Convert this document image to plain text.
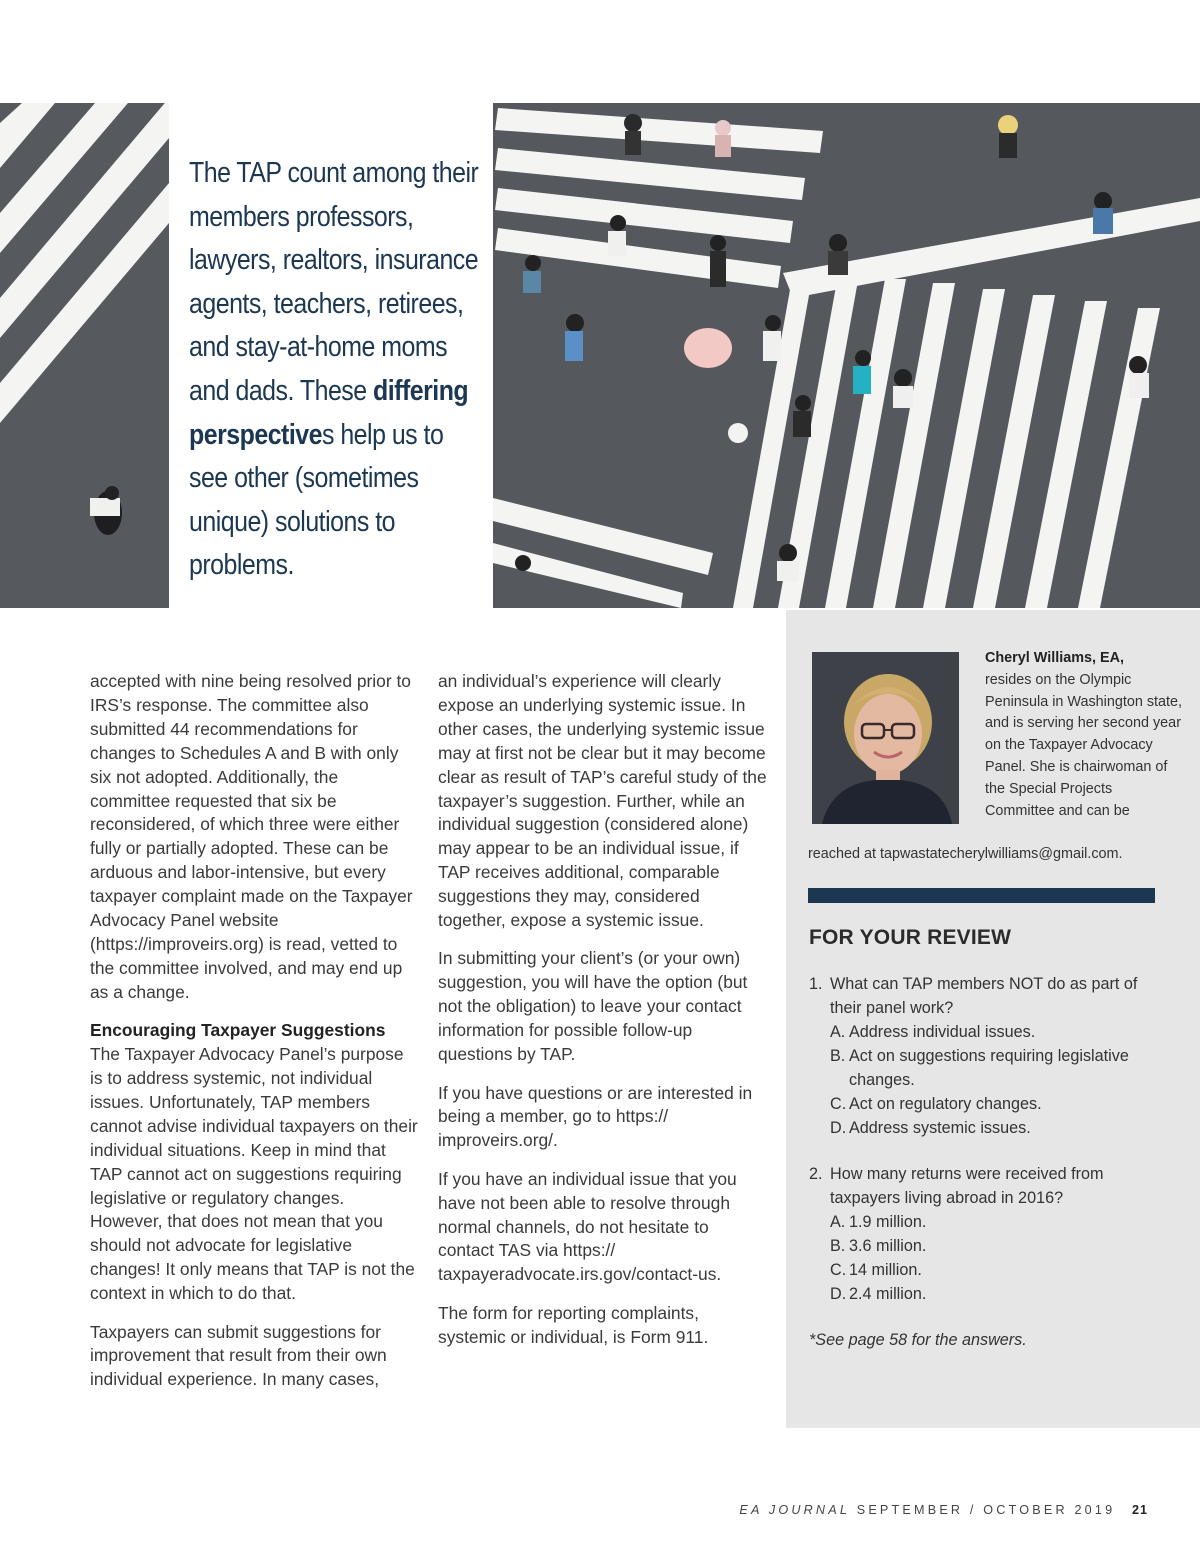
The TAP count among their members professors, lawyers, realtors, insurance agents, teachers, retirees, and stay-at-home moms and dads. These differing perspectives help us to see other (sometimes unique) solutions to problems.

accepted with nine being resolved prior to IRS’s response. The committee also submitted 44 recommendations for changes to Schedules A and B with only six not adopted. Additionally, the committee requested that six be reconsidered, of which three were either fully or partially adopted. These can be arduous and labor-intensive, but every taxpayer complaint made on the Taxpayer Advocacy Panel website (https://improveirs.org) is read, vetted to the committee involved, and may end up as a change.

Encouraging Taxpayer Suggestions
The Taxpayer Advocacy Panel’s purpose is to address systemic, not individual issues. Unfortunately, TAP members cannot advise individual taxpayers on their individual situations. Keep in mind that TAP cannot act on suggestions requiring legislative or regulatory changes. However, that does not mean that you should not advocate for legislative changes! It only means that TAP is not the context in which to do that.

Taxpayers can submit suggestions for improvement that result from their own individual experience. In many cases,

an individual’s experience will clearly expose an underlying systemic issue. In other cases, the underlying systemic issue may at first not be clear but it may become clear as result of TAP’s careful study of the taxpayer’s suggestion. Further, while an individual suggestion (considered alone) may appear to be an individual issue, if TAP receives additional, comparable suggestions they may, considered together, expose a systemic issue.

In submitting your client’s (or your own) suggestion, you will have the option (but not the obligation) to leave your contact information for possible follow-up questions by TAP.

If you have questions or are interested in being a member, go to https:// improveirs.org/.

If you have an individual issue that you have not been able to resolve through normal channels, do not hesitate to contact TAS via https:// taxpayeradvocate.irs.gov/contact-us.

The form for reporting complaints, systemic or individual, is Form 911.

Cheryl Williams, EA,
resides on the Olympic Peninsula in Washington state, and is serving her second year on the Taxpayer Advocacy Panel. She is chairwoman of the Special Projects Committee and can be
reached at tapwastatecherylwilliams@gmail.com.
FOR YOUR REVIEW
1. What can TAP members NOT do as part of their panel work?
A. Address individual issues.
B. Act on suggestions requiring legislative changes.
C. Act on regulatory changes.
D. Address systemic issues.
2. How many returns were received from taxpayers living abroad in 2016?
A. 1.9 million.
B. 3.6 million.
C. 14 million.
D. 2.4 million.
*See page 58 for the answers.
EA JOURNAL SEPTEMBER / OCTOBER 2019 21
